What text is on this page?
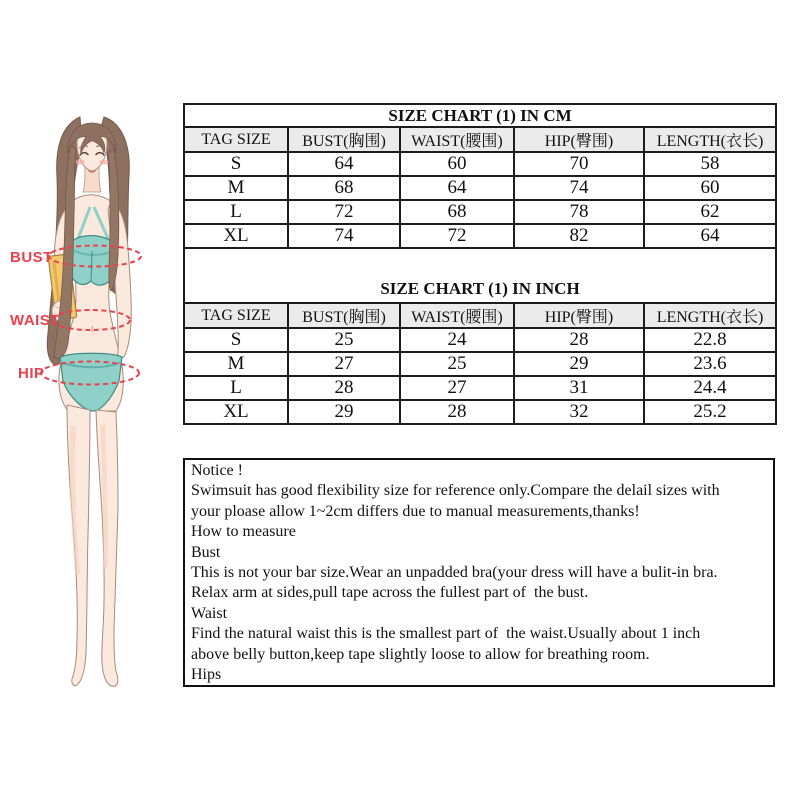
BUST
WAIST
HIP
SIZE CHART (1) IN CM				
TAG SIZE	BUST(胸围)	WAIST(腰围)	HIP(臀围)	LENGTH(衣长)
S	64	60	70	58
M	68	64	74	60
L	72	68	78	62
XL	74	72	82	64
SIZE CHART (1) IN INCH				
TAG SIZE	BUST(胸围)	WAIST(腰围)	HIP(臀围)	LENGTH(衣长)
S	25	24	28	22.8
M	27	25	29	23.6
L	28	27	31	24.4
XL	29	28	32	25.2
Notice !
Swimsuit has good flexibility size for reference only.Compare the delail sizes with
your ploase allow 1~2cm differs due to manual measurements,thanks!
How to measure
Bust
This is not your bar size.Wear an unpadded bra(your dress will have a bulit-in bra.
Relax arm at sides,pull tape across the fullest part of  the bust.
Waist
Find the natural waist this is the smallest part of  the waist.Usually about 1 inch
above belly button,keep tape slightly loose to allow for breathing room.
Hips
